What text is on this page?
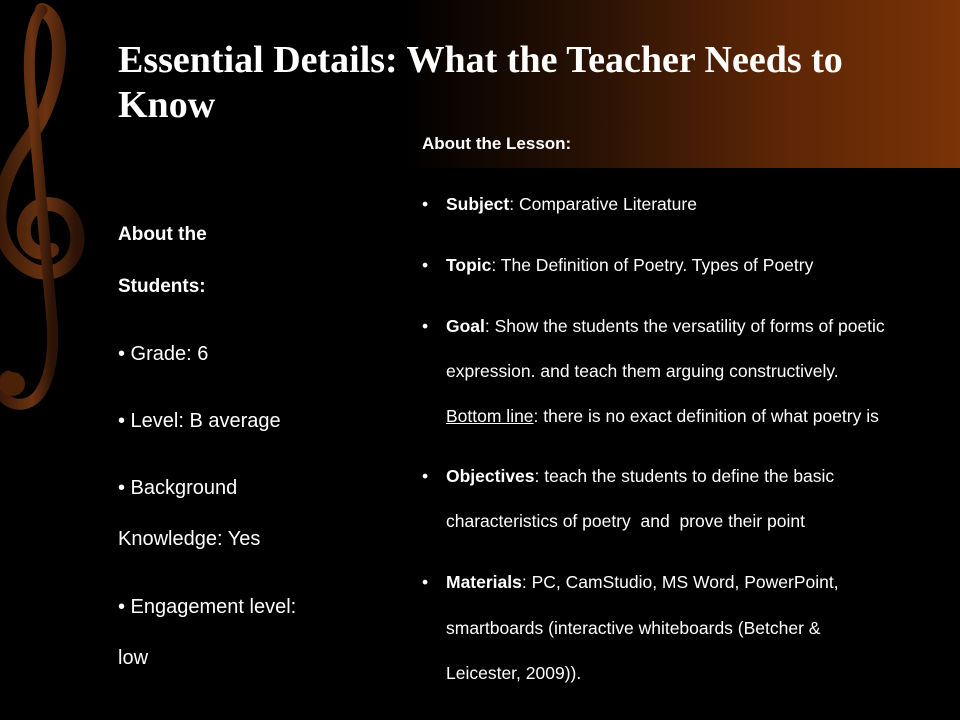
Essential Details: What the Teacher Needs to Know
About the
Students:
• Grade: 6
• Level: B average
• Background
Knowledge: Yes
• Engagement level:
low
About the Lesson:
• Subject: Comparative Literature
• Topic: The Definition of Poetry. Types of Poetry
• Goal: Show the students the versatility of forms of poetic
expression. and teach them arguing constructively.
Bottom line: there is no exact definition of what poetry is
• Objectives: teach the students to define the basic
characteristics of poetry  and  prove their point
• Materials: PC, CamStudio, MS Word, PowerPoint,
smartboards (interactive whiteboards (Betcher &
Leicester, 2009)).
